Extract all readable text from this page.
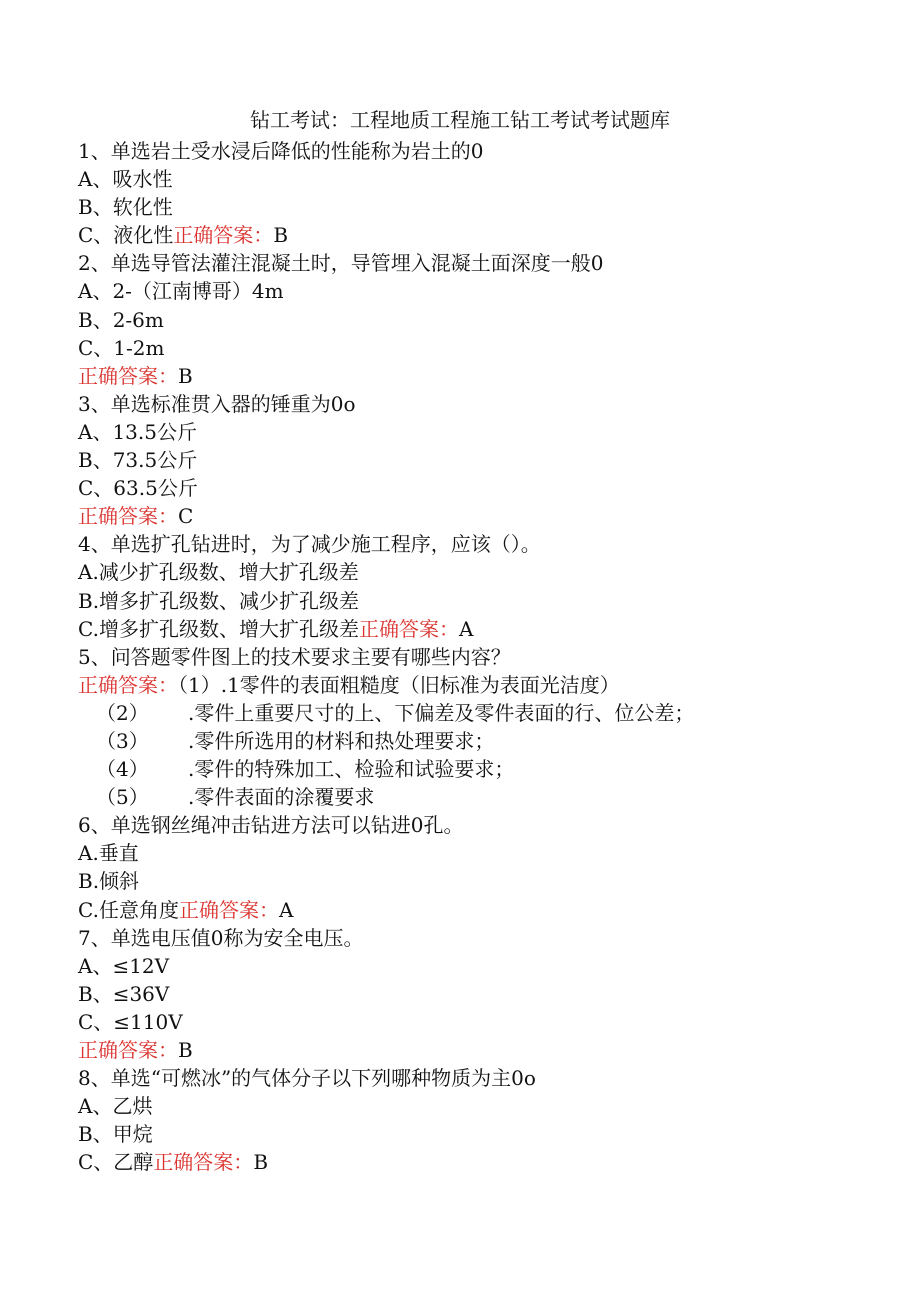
钻工考试：工程地质工程施工钻工考试考试题库
1、单选岩土受水浸后降低的性能称为岩土的0
A、吸水性
B、软化性
C、液化性正确答案：B
2、单选导管法灌注混凝土时，导管埋入混凝土面深度一般0
A、2-（江南博哥）4m
B、2-6m
C、1-2m
正确答案：B
3、单选标准贯入器的锤重为0o
A、13.5公斤
B、73.5公斤
C、63.5公斤
正确答案：C
4、单选扩孔钻进时，为了减少施工程序，应该（）。
A.减少扩孔级数、增大扩孔级差
B.增多扩孔级数、减少扩孔级差
C.增多扩孔级数、增大扩孔级差正确答案：A
5、问答题零件图上的技术要求主要有哪些内容？
正确答案：（1）.1零件的表面粗糙度（旧标准为表面光洁度）
（2） .零件上重要尺寸的上、下偏差及零件表面的行、位公差；
（3） .零件所选用的材料和热处理要求；
（4） .零件的特殊加工、检验和试验要求；
（5） .零件表面的涂覆要求
6、单选钢丝绳冲击钻进方法可以钻进0孔。
A.垂直
B.倾斜
C.任意角度正确答案：A
7、单选电压值0称为安全电压。
A、≤12V
B、≤36V
C、≤110V
正确答案：B
8、单选“可燃冰”的气体分子以下列哪种物质为主0o
A、乙烘
B、甲烷
C、乙醇正确答案：B
